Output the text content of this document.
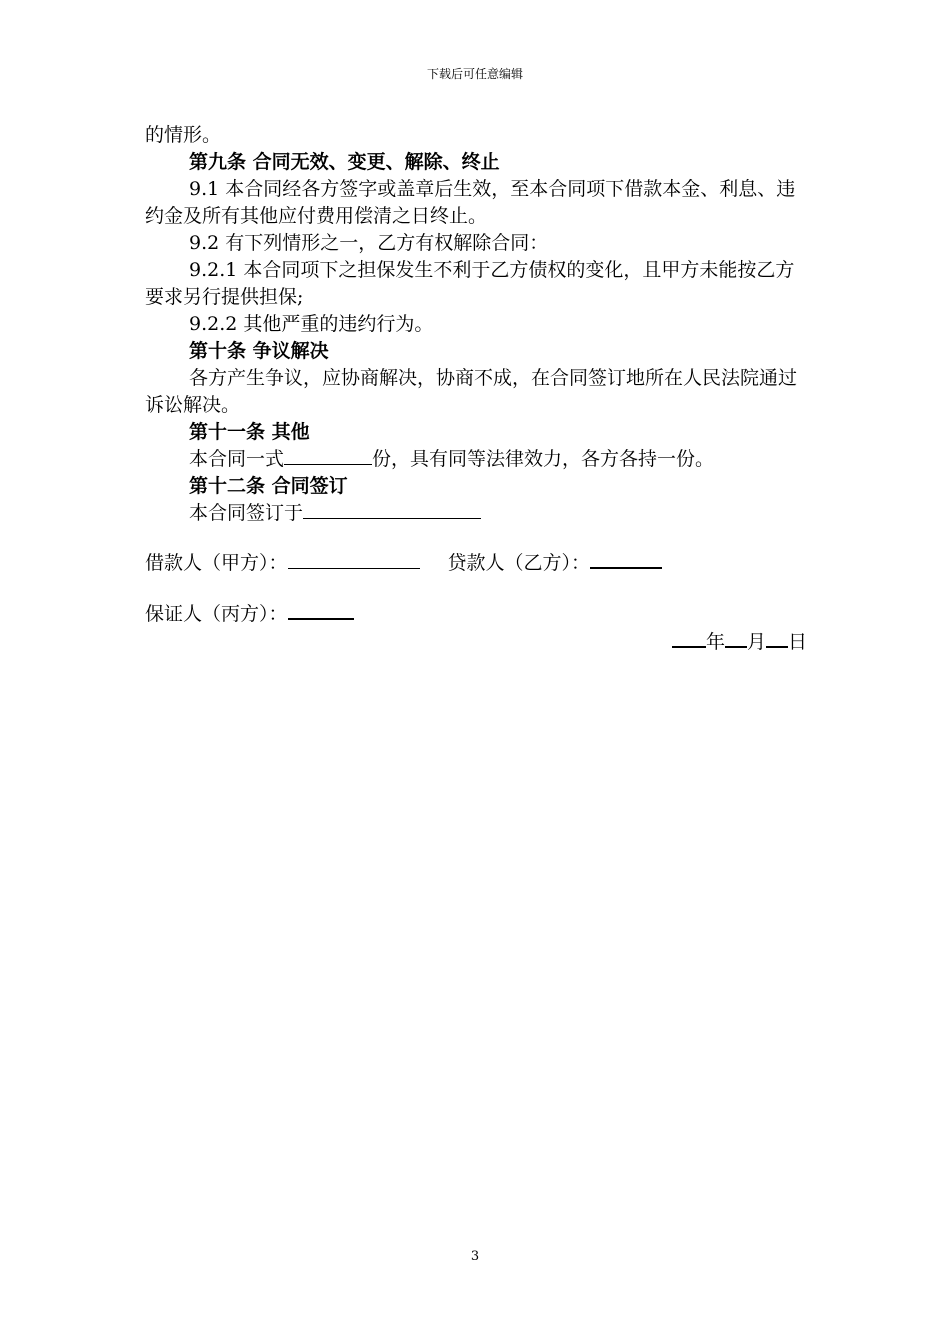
下载后可任意编辑

的情形。

第九条 合同无效、变更、解除、终止

9.1 本合同经各方签字或盖章后生效，至本合同项下借款本金、利息、违约金及所有其他应付费用偿清之日终止。

9.2 有下列情形之一，乙方有权解除合同：

9.2.1 本合同项下之担保发生不利于乙方债权的变化，且甲方未能按乙方要求另行提供担保;

9.2.2 其他严重的违约行为。

第十条 争议解决

各方产生争议，应协商解决，协商不成，在合同签订地所在人民法院通过诉讼解决。

第十一条 其他

本合同一式	份，具有同等法律效力，各方各持一份。

第十二条 合同签订

本合同签订于

借款人（甲方）：	贷款人（乙方）：

保证人（丙方）：

年 月 日

3
